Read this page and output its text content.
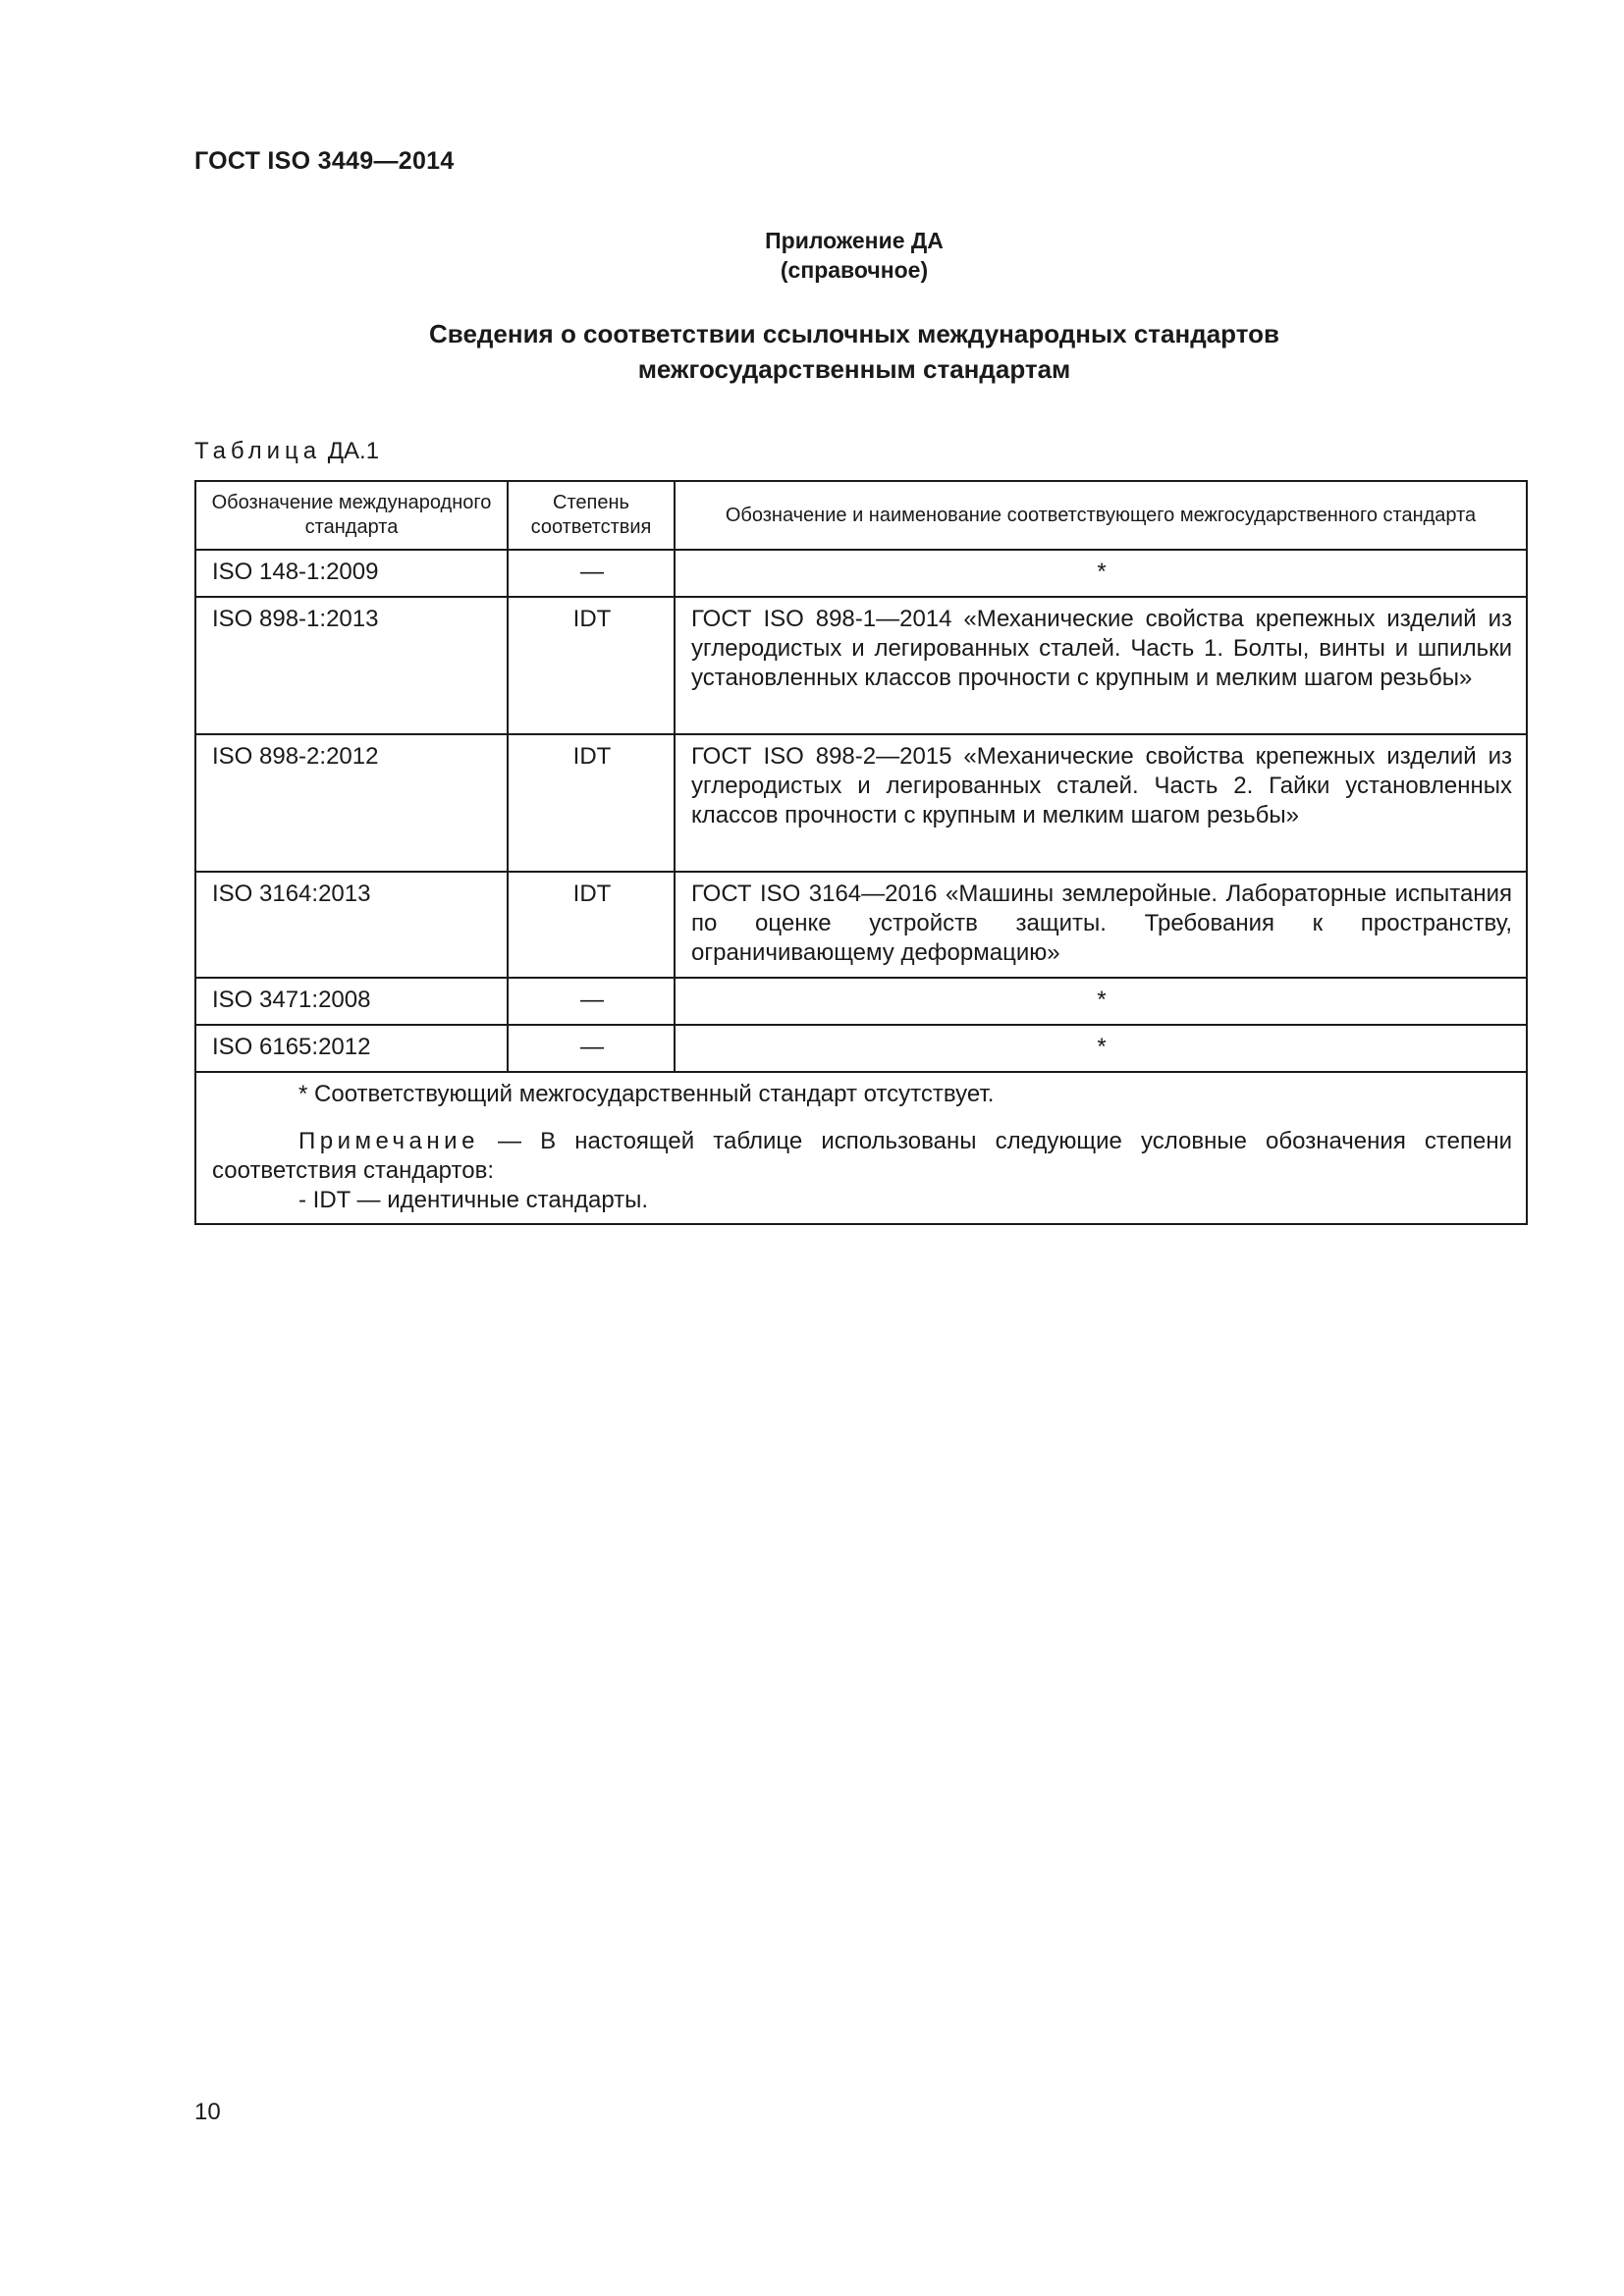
ГОСТ ISO 3449—2014
Приложение ДА
(справочное)
Сведения о соответствии ссылочных международных стандартов
межгосударственным стандартам
Таблица ДА.1
Обозначение международного стандарта	Степень соответствия	Обозначение и наименование соответствующего межгосударственного стандарта
ISO 148-1:2009	—	*
ISO 898-1:2013	IDT	ГОСТ ISO 898-1—2014 «Механические свойства крепежных изделий из углеродистых и легированных сталей. Часть 1. Болты, винты и шпильки установленных классов прочности с крупным и мелким шагом резьбы»
ISO 898-2:2012	IDT	ГОСТ ISO 898-2—2015 «Механические свойства крепежных изделий из углеродистых и легированных сталей. Часть 2. Гайки установленных классов прочности с крупным и мелким шагом резьбы»
ISO 3164:2013	IDT	ГОСТ ISO 3164—2016 «Машины землеройные. Лабораторные испытания по оценке устройств защиты. Требования к пространству, ограничивающему деформацию»
ISO 3471:2008	—	*
ISO 6165:2012	—	*

* Соответствующий межгосударственный стандарт отсутствует.
Примечание — В настоящей таблице использованы следующие условные обозначения степени соответствия стандартов:
- IDT — идентичные стандарты.		
10
